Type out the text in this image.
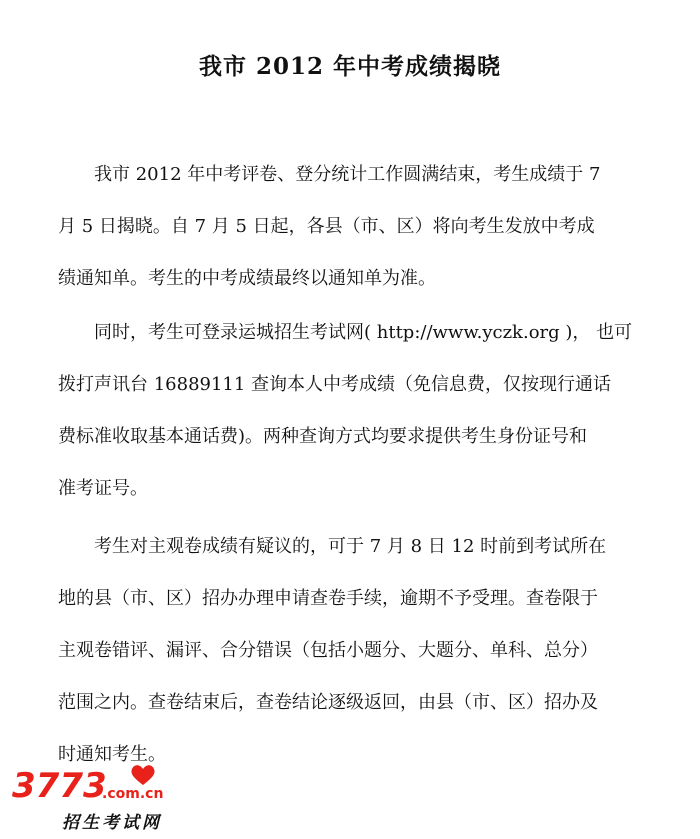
我市 2012 年中考成绩揭晓
我市 2012 年中考评卷、登分统计工作圆满结束，考生成绩于 7
月 5 日揭晓。自 7 月 5 日起，各县（市、区）将向考生发放中考成
绩通知单。考生的中考成绩最终以通知单为准。
同时，考生可登录运城招生考试网( http://www.yczk.org )， 也可
拨打声讯台 16889111 查询本人中考成绩（免信息费，仅按现行通话
费标准收取基本通话费)。两种查询方式均要求提供考生身份证号和
准考证号。
考生对主观卷成绩有疑议的，可于 7 月 8 日 12 时前到考试所在
地的县（市、区）招办办理申请查卷手续，逾期不予受理。查卷限于
主观卷错评、漏评、合分错误（包括小题分、大题分、单科、总分）
范围之内。查卷结束后，查卷结论逐级返回，由县（市、区）招办及
时通知考生。
3773
.com.cn
招生考试网
